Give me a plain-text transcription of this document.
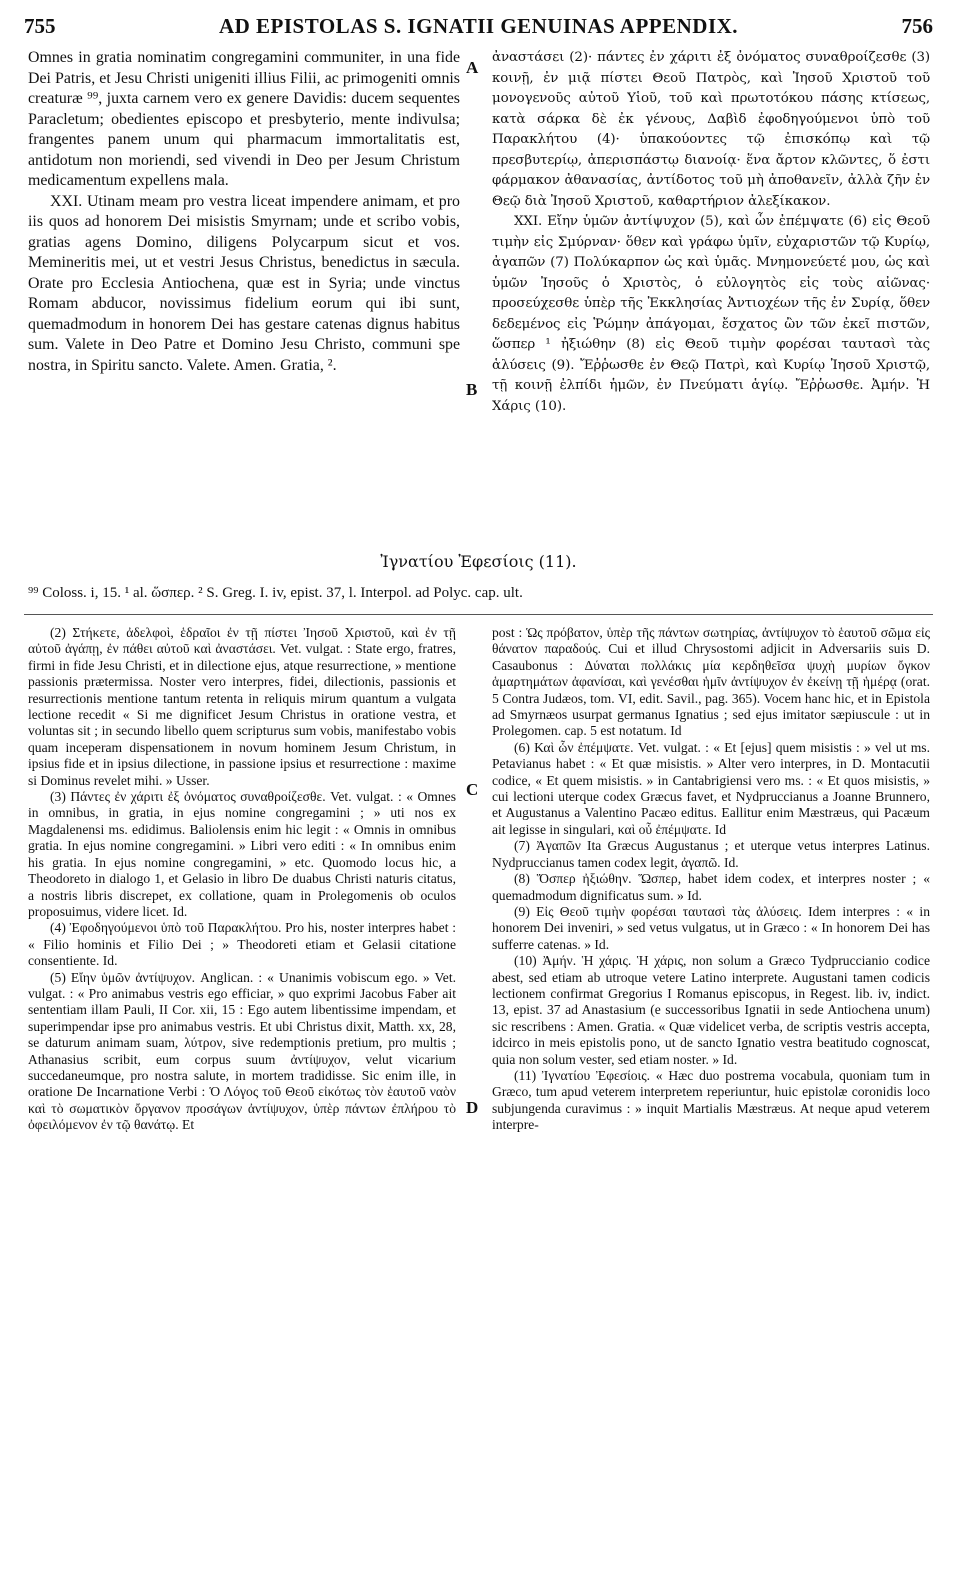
755	AD EPISTOLAS S. IGNATII GENUINAS APPENDIX.	756

Omnes in gratia nominatim congregamini communiter, in una fide Dei Patris, et Jesu Christi unigeniti illius Filii, ac primogeniti omnis creaturæ ⁹⁹, juxta carnem vero ex genere Davidis: ducem sequentes Paracletum; obedientes episcopo et presbyterio, mente indivulsa; frangentes panem unum qui pharmacum immortalitatis est, antidotum non moriendi, sed vivendi in Deo per Jesum Christum medicamentum expellens mala.

XXI. Utinam meam pro vestra liceat impendere animam, et pro iis quos ad honorem Dei misistis Smyrnam; unde et scribo vobis, gratias agens Domino, diligens Polycarpum sicut et vos. Memineritis mei, ut et vestri Jesus Christus, benedictus in sæcula. Orate pro Ecclesia Antiochena, quæ est in Syria; unde vinctus Romam abducor, novissimus fidelium eorum qui ibi sunt, quemadmodum in honorem Dei has gestare catenas dignus habitus sum. Valete in Deo Patre et Domino Jesu Christo, communi spe nostra, in Spiritu sancto. Valete. Amen. Gratia, ².

ἀναστάσει (2)· πάντες ἐν χάριτι ἐξ ὀνόματος συναθροίζεσθε (3) κοινῇ, ἐν μιᾷ πίστει Θεοῦ Πατρὸς, καὶ Ἰησοῦ Χριστοῦ τοῦ μονογενοῦς αὐτοῦ Υἱοῦ, τοῦ καὶ πρωτοτόκου πάσης κτίσεως, κατὰ σάρκα δὲ ἐκ γένους, Δαβὶδ ἐφοδηγούμενοι ὑπὸ τοῦ Παρακλήτου (4)· ὑπακούοντες τῷ ἐπισκόπῳ καὶ τῷ πρεσβυτερίῳ, ἀπερισπάστῳ διανοίᾳ· ἕνα ἄρτον κλῶντες, ὅ ἐστι φάρμακον ἀθανασίας, ἀντίδοτος τοῦ μὴ ἀποθανεῖν, ἀλλὰ ζῆν ἐν Θεῷ διὰ Ἰησοῦ Χριστοῦ, καθαρτήριον ἀλεξίκακον.

XXI. Εἴην ὑμῶν ἀντίψυχον (5), καὶ ὧν ἐπέμψατε (6) εἰς Θεοῦ τιμὴν εἰς Σμύρναν· ὅθεν καὶ γράφω ὑμῖν, εὐχαριστῶν τῷ Κυρίῳ, ἀγαπῶν (7) Πολύκαρπον ὡς καὶ ὑμᾶς. Μνημονεύετέ μου, ὡς καὶ ὑμῶν Ἰησοῦς ὁ Χριστὸς, ὁ εὐλογητὸς εἰς τοὺς αἰῶνας· προσεύχεσθε ὑπὲρ τῆς Ἐκκλησίας Ἀντιοχέων τῆς ἐν Συρίᾳ, ὅθεν δεδεμένος εἰς Ῥώμην ἀπάγομαι, ἔσχατος ὢν τῶν ἐκεῖ πιστῶν, ὥσπερ ¹ ἠξιώθην (8) εἰς Θεοῦ τιμὴν φορέσαι ταυτασὶ τὰς ἁλύσεις (9). Ἔῤῥωσθε ἐν Θεῷ Πατρὶ, καὶ Κυρίῳ Ἰησοῦ Χριστῷ, τῇ κοινῇ ἐλπίδι ἡμῶν, ἐν Πνεύματι ἁγίῳ. Ἔῤῥωσθε. Ἀμήν. Ἡ Χάρις (10).

A
B
C
D
Ἰγνατίου Ἐφεσίοις (11).
⁹⁹ Coloss. i, 15. ¹ al. ὥσπερ. ² S. Greg. I. iv, epist. 37, l. Interpol. ad Polyc. cap. ult.

(2) Στήκετε, ἀδελφοὶ, ἑδραῖοι ἐν τῇ πίστει Ἰησοῦ Χριστοῦ, καὶ ἐν τῇ αὐτοῦ ἀγάπῃ, ἐν πάθει αὐτοῦ καὶ ἀναστάσει. Vet. vulgat. : State ergo, fratres, firmi in fide Jesu Christi, et in dilectione ejus, atque resurrectione, » mentione passionis prætermissa. Noster vero interpres, fidei, dilectionis, passionis et resurrectionis mentione tantum retenta in reliquis mirum quantum a vulgata lectione recedit « Si me dignificet Jesum Christus in oratione vestra, et voluntas sit ; in secundo libello quem scripturus sum vobis, manifestabo vobis quam inceperam dispensationem in novum hominem Jesum Christum, in ipsius fide et in ipsius dilectione, in passione ipsius et resurrectione : maxime si Dominus revelet mihi. » Usser.

(3) Πάντες ἐν χάριτι ἐξ ὀνόματος συναθροίζεσθε. Vet. vulgat. : « Omnes in omnibus, in gratia, in ejus nomine congregamini ; » uti nos ex Magdalenensi ms. edidimus. Baliolensis enim hic legit : « Omnis in omnibus gratia. In ejus nomine congregamini. » Libri vero editi : « In omnibus enim his gratia. In ejus nomine congregamini, » etc. Quomodo locus hic, a Theodoreto in dialogo 1, et Gelasio in libro De duabus Christi naturis citatus, a nostris libris discrepet, ex collatione, quam in Prolegomenis ob oculos proposuimus, videre licet. Id.

(4) Ἐφοδηγούμενοι ὑπὸ τοῦ Παρακλήτου. Pro his, noster interpres habet : « Filio hominis et Filio Dei ; » Theodoreti etiam et Gelasii citatione consentiente. Id.

(5) Εἴην ὑμῶν ἀντίψυχον. Anglican. : « Unanimis vobiscum ego. » Vet. vulgat. : « Pro animabus vestris ego efficiar, » quo exprimi Jacobus Faber ait sententiam illam Pauli, II Cor. xii, 15 : Ego autem libentissime impendam, et superimpendar ipse pro animabus vestris. Et ubi Christus dixit, Matth. xx, 28, se daturum animam suam, λύτρον, sive redemptionis pretium, pro multis ; Athanasius scribit, eum corpus suum ἀντίψυχον, velut vicarium succedaneumque, pro nostra salute, in mortem tradidisse. Sic enim ille, in oratione De Incarnatione Verbi : Ὁ Λόγος τοῦ Θεοῦ εἰκότως τὸν ἑαυτοῦ ναὸν καὶ τὸ σωματικὸν ὄργανον προσάγων ἀντίψυχον, ὑπὲρ πάντων ἐπλήρου τὸ ὀφειλόμενον ἐν τῷ θανάτῳ. Et

post : Ὡς πρόβατον, ὑπὲρ τῆς πάντων σωτηρίας, ἀντίψυχον τὸ ἑαυτοῦ σῶμα εἰς θάνατον παραδούς. Cui et illud Chrysostomi adjicit in Adversariis suis D. Casaubonus : Δύναται πολλάκις μία κερδηθεῖσα ψυχὴ μυρίων ὄγκον ἁμαρτημάτων ἀφανίσαι, καὶ γενέσθαι ἡμῖν ἀντίψυχον ἐν ἐκείνῃ τῇ ἡμέρᾳ (orat. 5 Contra Judæos, tom. VI, edit. Savil., pag. 365). Vocem hanc hic, et in Epistola ad Smyrnæos usurpat germanus Ignatius ; sed ejus imitator sæpiuscule : ut in Prolegomen. cap. 5 est notatum. Id

(6) Καὶ ὧν ἐπέμψατε. Vet. vulgat. : « Et [ejus] quem misistis : » vel ut ms. Petavianus habet : « Et quæ misistis. » Alter vero interpres, in D. Montacutii codice, « Et quem misistis. » in Cantabrigiensi vero ms. : « Et quos misistis, » cui lectioni uterque codex Græcus favet, et Nydpruccianus a Joanne Brunnero, et Augustanus a Valentino Pacæo editus. Eallitur enim Mæstræus, qui Pacæum ait legisse in singulari, καὶ οὗ ἐπέμψατε. Id

(7) Ἀγαπῶν Ita Græcus Augustanus ; et uterque vetus interpres Latinus. Nydpruccianus tamen codex legit, ἀγαπῶ. Id.

(8) Ὅσπερ ἠξιώθην. Ὥσπερ, habet idem codex, et interpres noster ; « quemadmodum dignificatus sum. » Id.

(9) Εἰς Θεοῦ τιμὴν φορέσαι ταυτασὶ τὰς ἁλύσεις. Idem interpres : « in honorem Dei inveniri, » sed vetus vulgatus, ut in Græco : « In honorem Dei has sufferre catenas. » Id.

(10) Ἀμήν. Ἡ χάρις. Ἡ χάρις, non solum a Græco Tydpruccianio codice abest, sed etiam ab utroque vetere Latino interprete. Augustani tamen codicis lectionem confirmat Gregorius I Romanus episcopus, in Regest. lib. iv, indict. 13, epist. 37 ad Anastasium (e successoribus Ignatii in sede Antiochena unum) sic rescribens : Amen. Gratia. « Quæ videlicet verba, de scriptis vestris accepta, idcirco in meis epistolis pono, ut de sancto Ignatio vestra beatitudo cognoscat, quia non solum vester, sed etiam noster. » Id.

(11) Ἰγνατίου Ἐφεσίοις. « Hæc duo postrema vocabula, quoniam tum in Græco, tum apud veterem interpretem reperiuntur, huic epistolæ coronidis loco subjungenda curavimus : » inquit Martialis Mæstræus. At neque apud veterem interpre-
